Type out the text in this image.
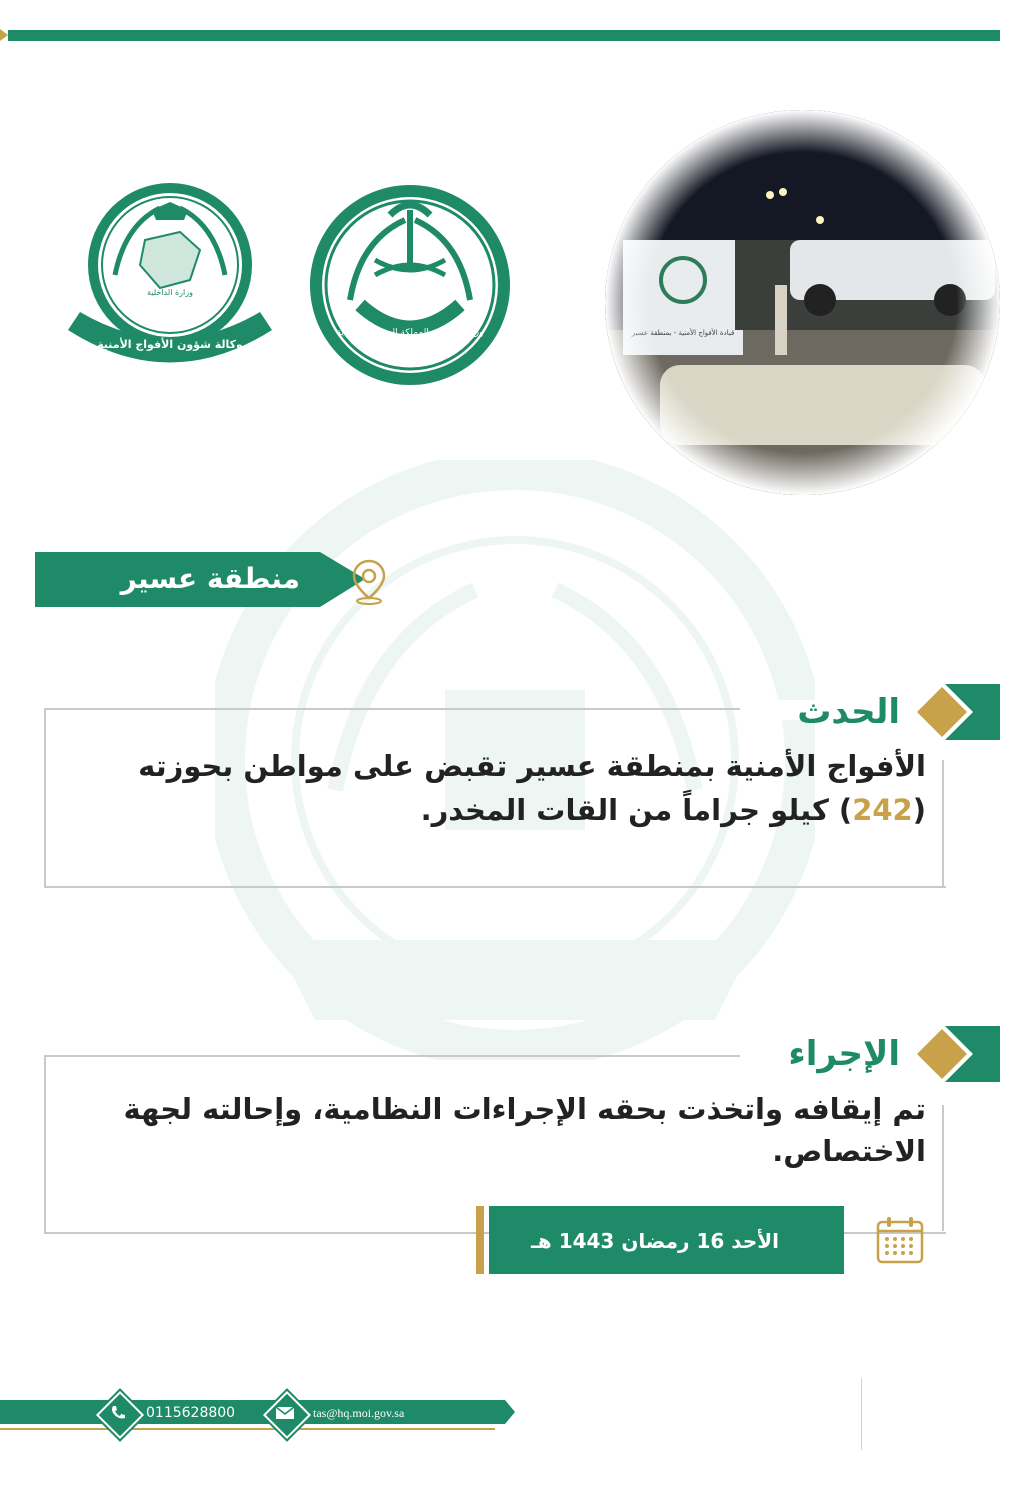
وزارة الداخلية المملكة العربية السعودية
وزارة الداخلية
وكالة شؤون الأفواج الأمنية
منطقة عسير
الحدث
الأفواج الأمنية بمنطقة عسير تقبض على مواطن بحوزته (242) كيلو جراماً من القات المخدر.
الإجراء
تم إيقافه واتخذت بحقه الإجراءات النظامية، وإحالته لجهة الاختصاص.
الأحد 16 رمضان 1443 هـ
0115628800	tas@hq.moi.gov.sa
